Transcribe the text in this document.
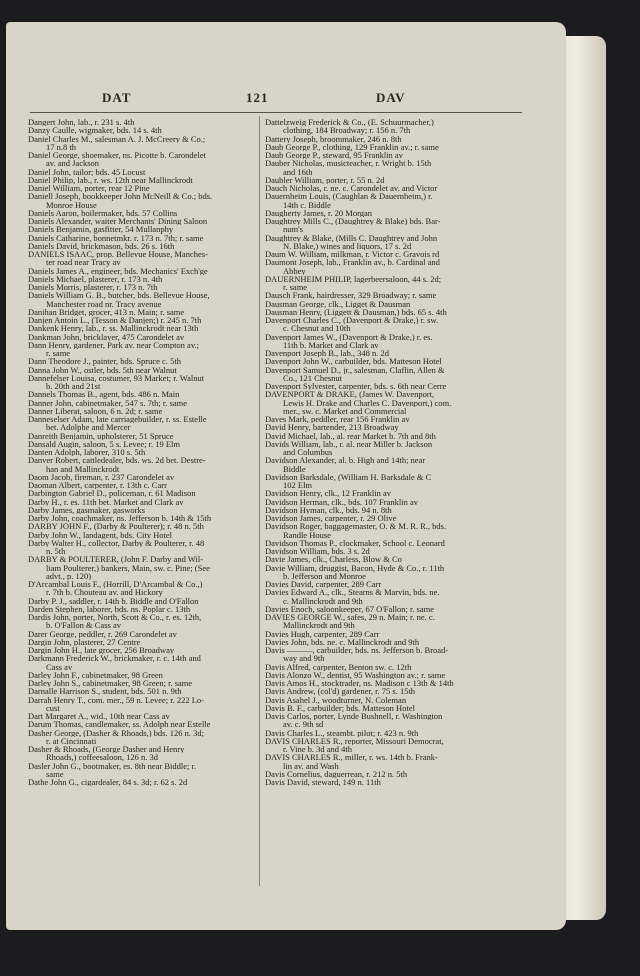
DAT	121	DAV
Dangert John, lab., r. 231 s. 4th
Danzy Caulle, wigmaker, bds. 14 s. 4th
Daniel Charles M., salesman A. J. McCreery & Co.;
17 n.8 th
Daniel George, shoemaker, ns. Picotte b. Carondelet
av. and Jackson
Daniel John, tailor; bds. 45 Locust
Daniel Philip, lab., r. ws. 12th near Mallinckrodt
Daniel William, porter, rear 12 Pine
Daniell Joseph, bookkeeper John McNeill & Co.; bds.
Monroe House
Daniels Aaron, boilermaker, bds. 57 Collins
Daniels Alexander, waiter Merchants' Dining Saloon
Daniels Benjamin, gasfitter, 54 Mullanphy
Daniels Catharine, bonnetmkr. r. 173 n. 7th; r. same
Daniels David, brickmason, bds. 26 s. 16th
DANIELS ISAAC, prop. Bellevue House, Manches-
ter road near Tracy av
Daniels James A., engineer, bds. Mechanics' Exch'ge
Daniels Michael, plasterer, r. 173 n. 4th
Daniels Morris, plasterer, r. 173 n. 7th
Daniels William G. B., butcher, bds. Bellevue House,
Manchester road nr. Tracy avenue
Danihan Bridget, grocer, 413 n. Main; r. same
Danjen Antoin L., (Tesson & Danjen;) r. 245 n. 7th
Dankenk Henry, lab., r. ss. Mallinckrodt near 13th
Dankman John, bricklayer, 475 Carondelet av
Dann Henry, gardener, Park av. near Compton av.;
r. same
Dann Theodore J., painter, bds. Spruce c. 5th
Danna John W., ostler, bds. 5th near Walnut
Dannefelser Louisa, costumer, 93 Market; r. Walnut
b. 20th and 21st
Dannels Thomas B., agent, bds. 486 n. Main
Danner John, cabinetmaker, 547 s. 7th; r. same
Danner Liberat, saloon, 6 n. 2d; r. same
Danneselser Adam, late carriagebuilder, r. ss. Estelle
bet. Adolphe and Mercer
Danreith Benjamin, upholsterer, 51 Spruce
Dansald Augin, saloon, 5 s. Levee; r. 19 Elm
Danten Adolph, laborer, 310 s. 5th
Danver Robert, cattledealer, bds. ws. 2d bet. Destre-
han and Mallinckrodt
Daom Jacob, fireman, r. 237 Carondelet av
Daoman Albert, carpenter, r. 13th c. Carr
Darbington Gabriel D., policeman, r. 61 Madison
Darby H., r. es. 11th bet. Market and Clark av
Darby James, gasmaker, gasworks
Darby John, coachmaker, ns. Jefferson b. 14th & 15th
DARBY JOHN F., (Darby & Poulterer); r. 48 n. 5th
Darby John W., landagent, bds. City Hotel
Darby Walter H., collector, Darby & Poulterer, r. 48
n. 5th
DARBY & POULTERER, (John F. Darby and Wil-
liam Poulterer,) bankers, Main, sw. c. Pine; (See
advt., p. 120)
D'Arcambal Louis F., (Horrill, D'Arcambal & Co.,)
r. 7th b. Chouteau av. and Hickory
Darby P. J., saddler, r. 14th b. Biddle and O'Fallon
Darden Stephen, laborer, bds. ns. Poplar c. 13th
Dardis John, porter, North, Scott & Co., r. es. 12th,
b. O'Fallon & Cass av
Darer George, peddler, r. 269 Carondelet av
Dargin John, plasterer, 27 Centre
Dargin John H., late grocer, 256 Broadway
Darkmann Frederick W., brickmaker, r. c. 14th and
Cass av
Darley John F., cabinetmaker, 98 Green
Darley John S., cabinetmaker, 98 Green; r. same
Darnalle Harrison S., student, bds. 501 n. 9th
Darrah Henry T., com. mer., 59 n. Levee; r. 222 Lo-
cust
Dart Margaret A., wid., 10th near Cass av
Darum Thomas, candlemaker, ss. Adolph near Estelle
Dasher George, (Dasher & Rhoads,) bds. 126 n. 3d;
r. at Cincinnati
Dasher & Rhoads, (George Dasher and Henry
Rhoads,) coffeesaloon, 126 n. 3d
Dasler John G., bootmaker, es. 8th near Biddle; r.
same
Dathe John G., cigardealer, 84 s. 3d; r. 62 s. 2d
Dattelzweig Frederick & Co., (E. Schuurmacher,)
clothing, 184 Broadway; r. 156 n. 7th
Dattery Joseph, broommaker, 246 n. 8th
Daub George P., clothing, 129 Franklin av.; r. same
Daub George P., steward, 95 Franklin av
Dauber Nicholas, musicteacher, r. Wright b. 15th
and 16th
Daubler William, porter, r. 55 n. 2d
Dauch Nicholas, r. ne. c. Carondelet av. and Victor
Dauernheim Louis, (Caughlan & Dauernheim,) r.
14th c. Biddle
Daugherty James, r. 20 Morgan
Daughtrey Mills C., (Daughtrey & Blake) bds. Bar-
num's
Daughtrey & Blake, (Mills C. Daughtrey and John
N. Blake,) wines and liquors, 17 s. 2d
Daum W. William, milkman, r. Victor c. Gravois rd
Daumont Joseph, lab., Franklin av., b. Cardinal and
Abbey
DAUERNHEIM PHILIP, lagerbeersaloon, 44 s. 2d;
r. same
Dausch Frank, hairdresser, 329 Broadway; r. same
Dausman George, clk., Ligget & Dausman
Dausman Henry, (Liggett & Dausman,) bds. 65 s. 4th
Davenport Charles C., (Davenport & Drake,) r. sw.
c. Chesnut and 10th
Davenport James W., (Davenport & Drake,) r. es.
11th b. Market and Clark av
Davenport Joseph B., lab., 348 n. 2d
Davenport John W., carbuilder, bds. Matteson Hotel
Davenport Samuel D., jr., salesman, Claflin, Allen &
Co., 121 Chesnut
Davenport Sylvester, carpenter, bds. s. 6th near Cerre
DAVENPORT & DRAKE, (James W. Davenport,
Lewis H. Drake and Charles C. Davenport,) com.
mer., sw. c. Market and Commercial
Daves Mark, peddler, rear 156 Franklin av
David Henry, bartender, 213 Broadway
David Michael, lab., al. rear Market b. 7th and 8th
Davids William, lab., r. al. near Miller b. Jackson
and Columbus
Davidson Alexander, al. b. High and 14th; near
Biddle
Davidson Barksdale, (William H. Barksdale & C
102 Elm
Davidson Henry, clk., 12 Franklin av
Davidson Herman, clk., bds. 107 Franklin av
Davidson Hyman, clk., bds. 94 n. 8th
Davidson James, carpenter, r. 29 Olive
Davidson Roger, baggagemaster, O. & M. R. R., bds.
Randle House
Davidson Thomas P., clockmaker, School c. Leonard
Davidson William, bds. 3 s. 2d
Davie James, clk., Charless, Blow & Co
Davie William, druggist, Bacon, Hyde & Co., r. 11th
b. Jefferson and Monroe
Davies David, carpenter, 289 Carr
Davies Edward A., clk., Stearns & Marvin, bds. ne.
c. Mallinckrodt and 9th
Davies Enoch, saloonkeeper, 67 O'Fallon; r. same
DAVIES GEORGE W., safes, 29 n. Main; r. ne. c.
Mallinckrodt and 9th
Davies Hugh, carpenter, 289 Carr
Davies John, bds. ne. c. Mallinckrodt and 9th
Davis ———, carbuilder, bds. ns. Jefferson b. Broad-
way and 9th
Davis Alfred, carpenter, Benton sw. c. 12th
Davis Alonzo W., dentist, 95 Washington av.; r. same
Davis Amos H., stocktrader, ns. Madison c 13th & 14th
Davis Andrew, (col'd) gardener, r. 75 s. 15th
Davis Asahel J., woodturner, N. Coleman
Davis B. F., carbuilder; bds. Matteson Hotel
Davis Carlos, porter, Lynde Bushnell, r. Washington
av. c. 9th sd
Davis Charles L., steambt. pilot; r. 423 n. 9th
DAVIS CHARLES R., reporter, Missouri Democrat,
r. Vine b. 3d and 4th
DAVIS CHARLES R., miller, r. ws. 14th b. Frank-
lin av. and Wash
Davis Cornelius, daguerrean, r. 212 n. 5th
Davis David, steward, 149 n. 11th
